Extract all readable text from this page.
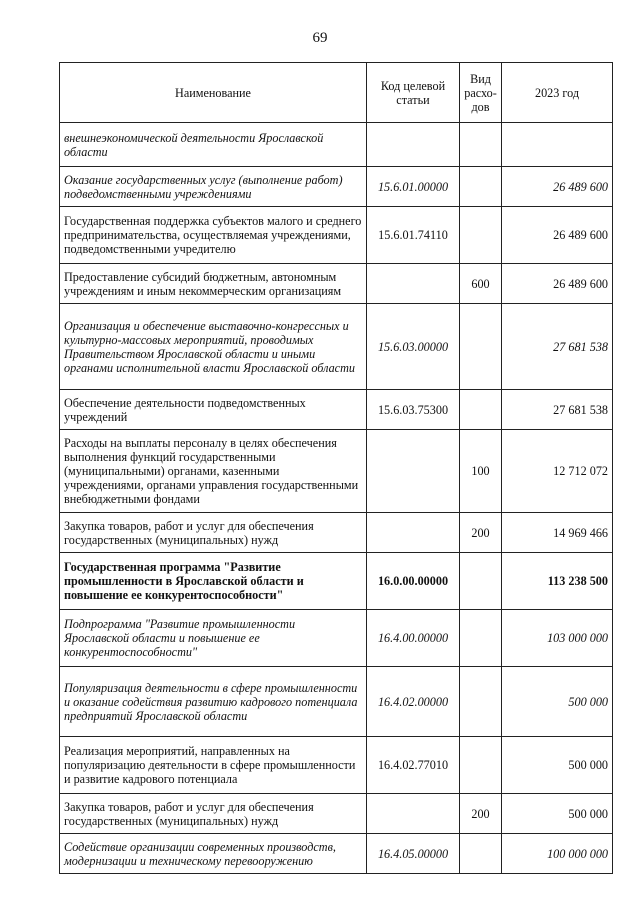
69
Наименование	Код целевой статьи	Вид расхо-дов	2023 год
внешнеэкономической деятельности Ярославской области			
Оказание государственных услуг (выполнение работ) подведомственными учреждениями	15.6.01.00000		26 489 600
Государственная поддержка субъектов малого и среднего предпринимательства, осуществляемая учреждениями, подведомственными учредителю	15.6.01.74110		26 489 600
Предоставление субсидий бюджетным, автономным учреждениям и иным некоммерческим организациям		600	26 489 600
Организация и обеспечение выставочно-конгрессных и культурно-массовых мероприятий, проводимых Правительством Ярославской области и иными органами исполнительной власти Ярославской области	15.6.03.00000		27 681 538
Обеспечение деятельности подведомственных учреждений	15.6.03.75300		27 681 538
Расходы на выплаты персоналу в целях обеспечения выполнения функций государственными (муниципальными) органами, казенными учреждениями, органами управления государственными внебюджетными фондами		100	12 712 072
Закупка товаров, работ и услуг для обеспечения государственных (муниципальных) нужд		200	14 969 466
Государственная программа "Развитие промышленности в Ярославской области и повышение ее конкурентоспособности"	16.0.00.00000		113 238 500
Подпрограмма "Развитие промышленности Ярославской области и повышение ее конкурентоспособности"	16.4.00.00000		103 000 000
Популяризация деятельности в сфере промышленности и оказание содействия развитию кадрового потенциала предприятий Ярославской области	16.4.02.00000		500 000
Реализация мероприятий, направленных на популяризацию деятельности в сфере промышленности и развитие кадрового потенциала	16.4.02.77010		500 000
Закупка товаров, работ и услуг для обеспечения государственных (муниципальных) нужд		200	500 000
Содействие организации современных производств, модернизации и техническому перевооружению	16.4.05.00000		100 000 000
